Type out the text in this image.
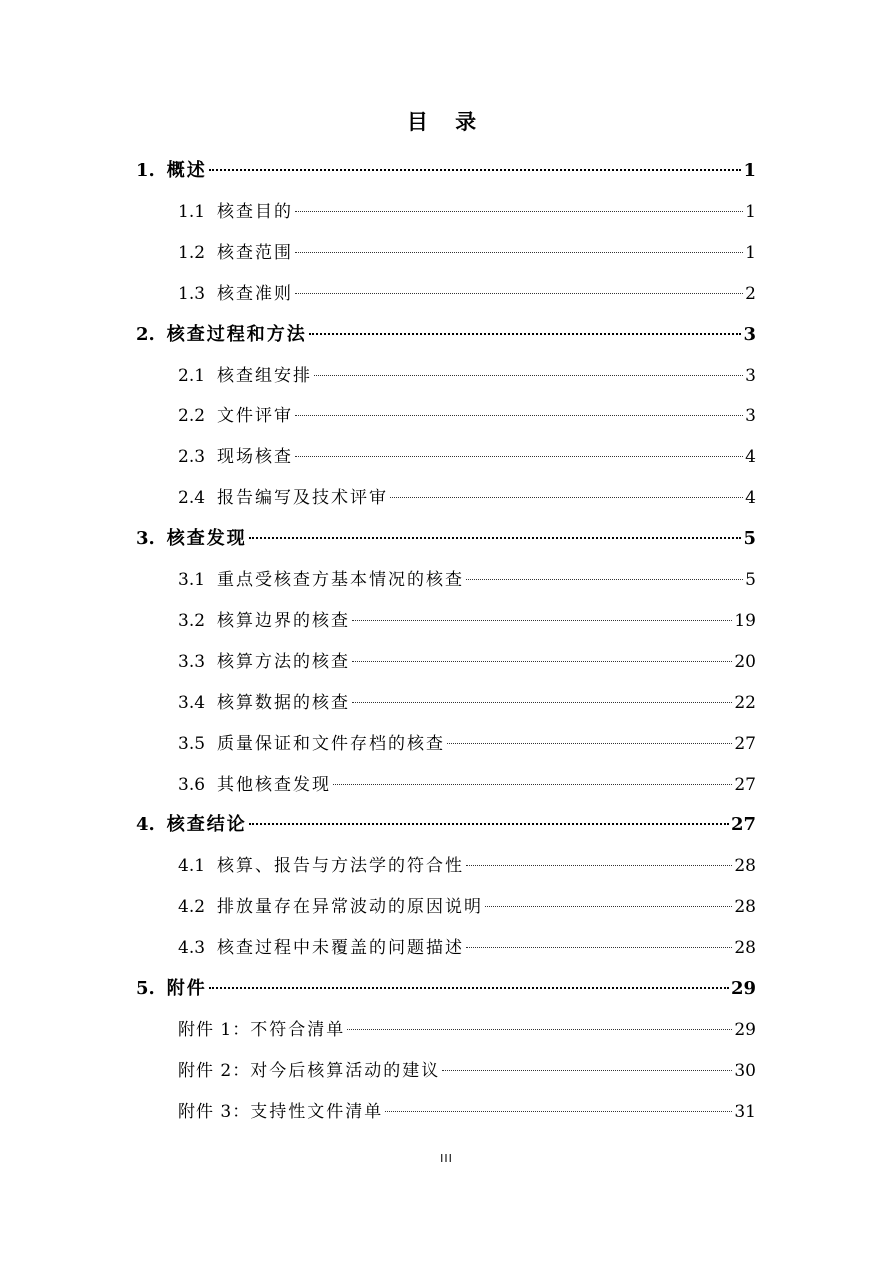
目 录
1. 概述	1
1.1 核查目的	1
1.2 核查范围	1
1.3 核查准则	2
2. 核查过程和方法	3
2.1 核查组安排	3
2.2 文件评审	3
2.3 现场核查	4
2.4 报告编写及技术评审	4
3. 核查发现	5
3.1 重点受核查方基本情况的核查	5
3.2 核算边界的核查	19
3.3 核算方法的核查	20
3.4 核算数据的核查	22
3.5 质量保证和文件存档的核查	27
3.6 其他核查发现	27
4. 核查结论	27
4.1 核算、报告与方法学的符合性	28
4.2 排放量存在异常波动的原因说明	28
4.3 核查过程中未覆盖的问题描述	28
5. 附件	29
附件 1： 不符合清单	29
附件 2： 对今后核算活动的建议	30
附件 3： 支持性文件清单	31
III
